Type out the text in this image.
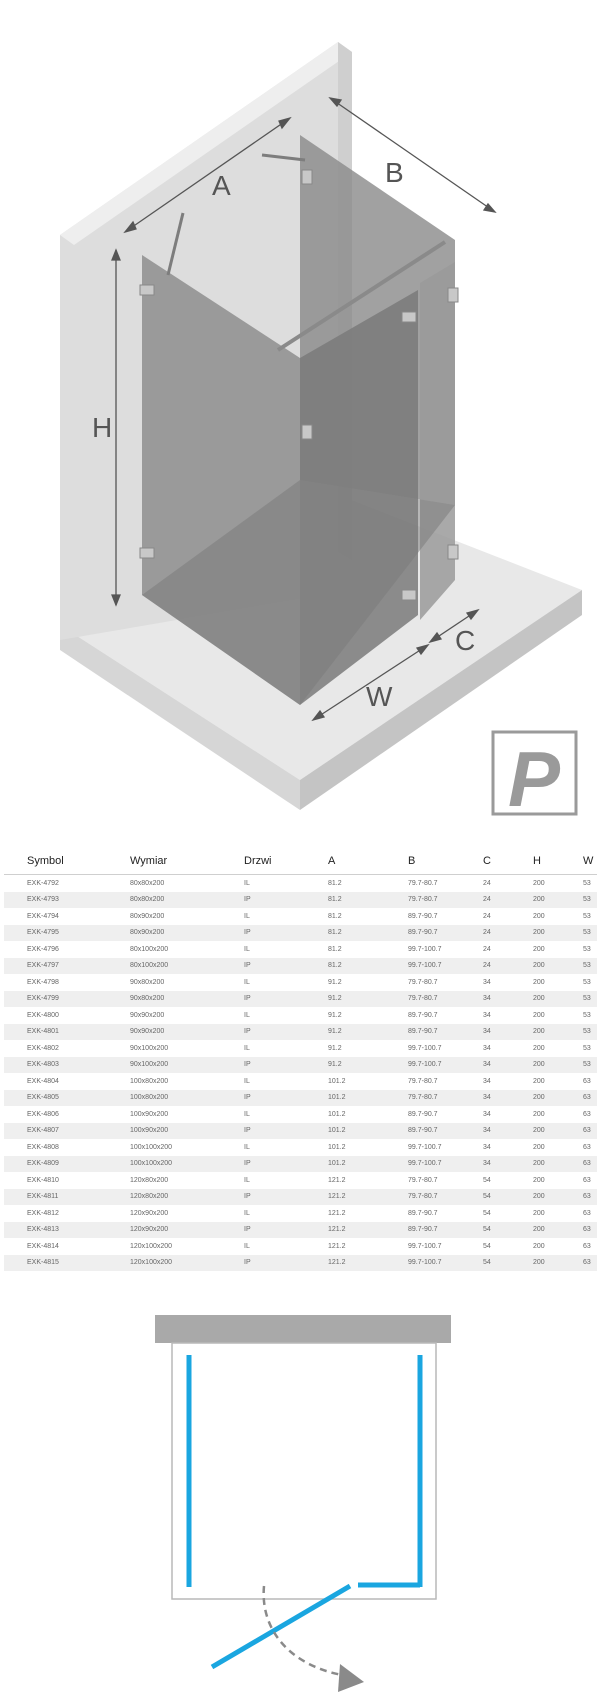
A	B
H
W
C
P
Symbol	Wymiar	Drzwi	A	B	C	H	W
EXK-4792	80x80x200	IL	81.2	79.7-80.7	24	200	53
EXK-4793	80x80x200	IP	81.2	79.7-80.7	24	200	53
EXK-4794	80x90x200	IL	81.2	89.7-90.7	24	200	53
EXK-4795	80x90x200	IP	81.2	89.7-90.7	24	200	53
EXK-4796	80x100x200	IL	81.2	99.7-100.7	24	200	53
EXK-4797	80x100x200	IP	81.2	99.7-100.7	24	200	53
EXK-4798	90x80x200	IL	91.2	79.7-80.7	34	200	53
EXK-4799	90x80x200	IP	91.2	79.7-80.7	34	200	53
EXK-4800	90x90x200	IL	91.2	89.7-90.7	34	200	53
EXK-4801	90x90x200	IP	91.2	89.7-90.7	34	200	53
EXK-4802	90x100x200	IL	91.2	99.7-100.7	34	200	53
EXK-4803	90x100x200	IP	91.2	99.7-100.7	34	200	53
EXK-4804	100x80x200	IL	101.2	79.7-80.7	34	200	63
EXK-4805	100x80x200	IP	101.2	79.7-80.7	34	200	63
EXK-4806	100x90x200	IL	101.2	89.7-90.7	34	200	63
EXK-4807	100x90x200	IP	101.2	89.7-90.7	34	200	63
EXK-4808	100x100x200	IL	101.2	99.7-100.7	34	200	63
EXK-4809	100x100x200	IP	101.2	99.7-100.7	34	200	63
EXK-4810	120x80x200	IL	121.2	79.7-80.7	54	200	63
EXK-4811	120x80x200	IP	121.2	79.7-80.7	54	200	63
EXK-4812	120x90x200	IL	121.2	89.7-90.7	54	200	63
EXK-4813	120x90x200	IP	121.2	89.7-90.7	54	200	63
EXK-4814	120x100x200	IL	121.2	99.7-100.7	54	200	63
EXK-4815	120x100x200	IP	121.2	99.7-100.7	54	200	63
